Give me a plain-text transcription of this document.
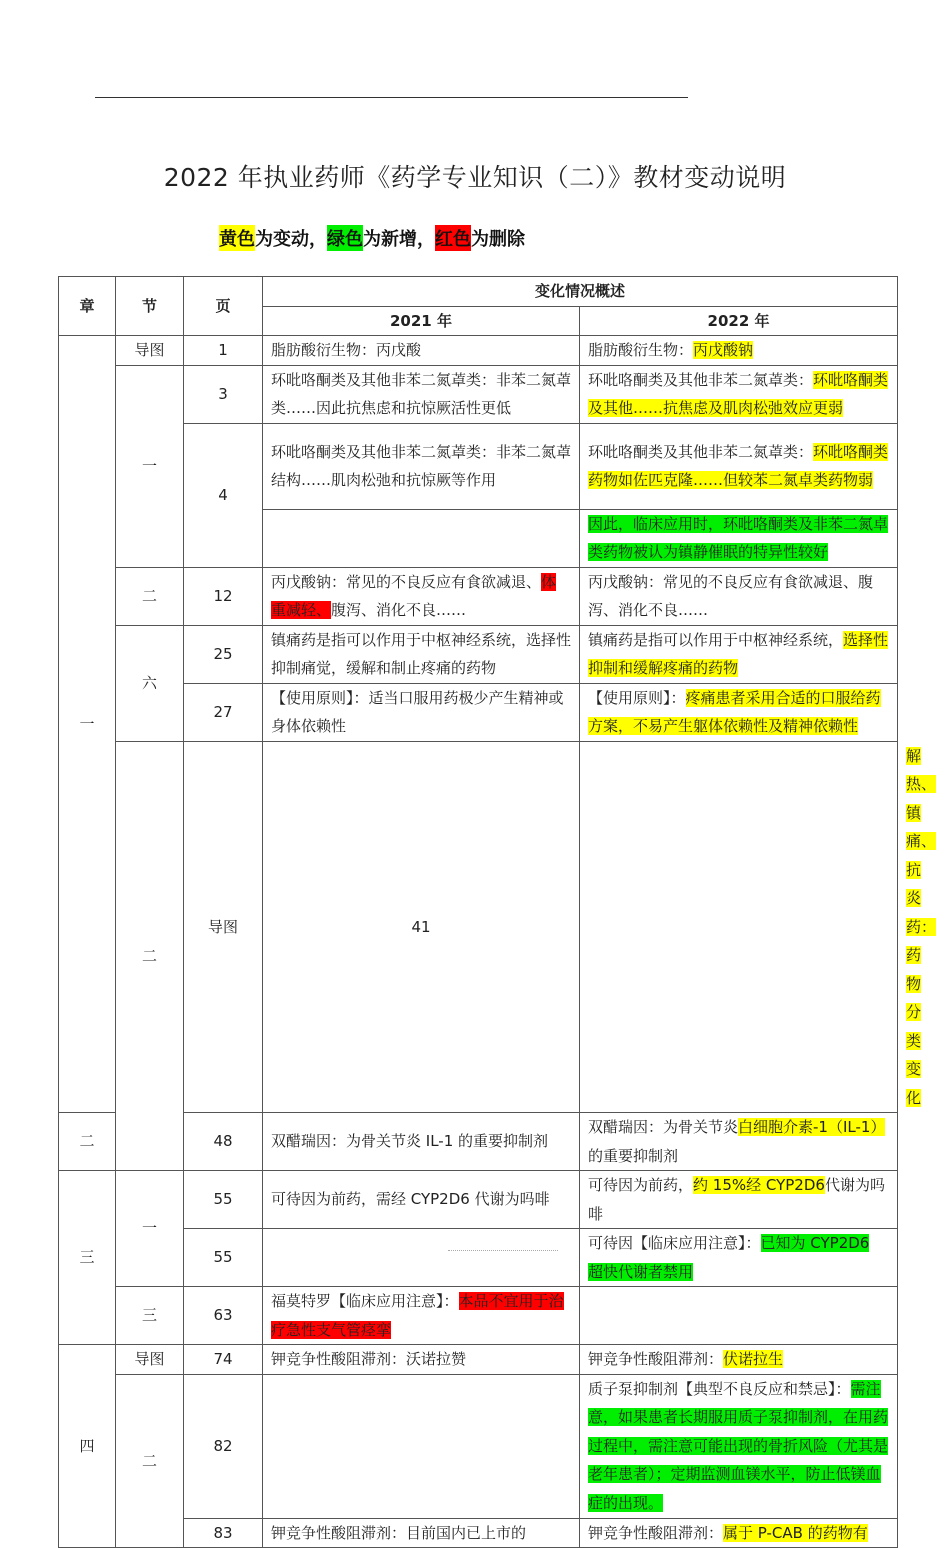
2022 年执业药师《药学专业知识（二）》教材变动说明
黄色为变动，绿色为新增，红色为删除
章	节	页	变化情况概述		
			2021 年	2022 年	
一	导图	1	脂肪酸衍生物：丙戊酸	脂肪酸衍生物：丙戊酸钠	
	一	3	环吡咯酮类及其他非苯二氮䓬类：非苯二氮䓬类……因此抗焦虑和抗惊厥活性更低	环吡咯酮类及其他非苯二氮䓬类：环吡咯酮类及其他……抗焦虑及肌肉松弛效应更弱	
		4	环吡咯酮类及其他非苯二氮䓬类：非苯二氮䓬结构……肌肉松弛和抗惊厥等作用	环吡咯酮类及其他非苯二氮䓬类：环吡咯酮类药物如佐匹克隆……但较苯二氮卓类药物弱	
				因此，临床应用时，环吡咯酮类及非苯二氮卓类药物被认为镇静催眠的特异性较好	
	二	12	丙戊酸钠：常见的不良反应有食欲减退、体重减轻、腹泻、消化不良……	丙戊酸钠：常见的不良反应有食欲减退、腹泻、消化不良……	
	六	25	镇痛药是指可以作用于中枢神经系统，选择性抑制痛觉，缓解和制止疼痛的药物	镇痛药是指可以作用于中枢神经系统，选择性抑制和缓解疼痛的药物	
		27	【使用原则】：适当口服用药极少产生精神或身体依赖性	【使用原则】：疼痛患者采用合适的口服给药方案，不易产生躯体依赖性及精神依赖性	
	二	导图	41		解热、镇痛、抗炎药：药物分类变化
二		48	双醋瑞因：为骨关节炎 IL-1 的重要抑制剂	双醋瑞因：为骨关节炎白细胞介素-1（IL-1）的重要抑制剂	
三	一	55	可待因为前药，需经 CYP2D6 代谢为吗啡	可待因为前药，约 15%经 CYP2D6代谢为吗啡	
		55		可待因【临床应用注意】：已知为 CYP2D6 超快代谢者禁用	
	三	63	福莫特罗【临床应用注意】：本品不宜用于治疗急性支气管痉挛		
四	导图	74	钾竞争性酸阻滞剂：沃诺拉赞	钾竞争性酸阻滞剂：伏诺拉生	
	二	82		质子泵抑制剂【典型不良反应和禁忌】：需注意，如果患者长期服用质子泵抑制剂，在用药过程中，需注意可能出现的骨折风险（尤其是老年患者）；定期监测血镁水平，防止低镁血症的出现。	
		83	钾竞争性酸阻滞剂：目前国内已上市的	钾竞争性酸阻滞剂：属于 P-CAB 的药物有	
